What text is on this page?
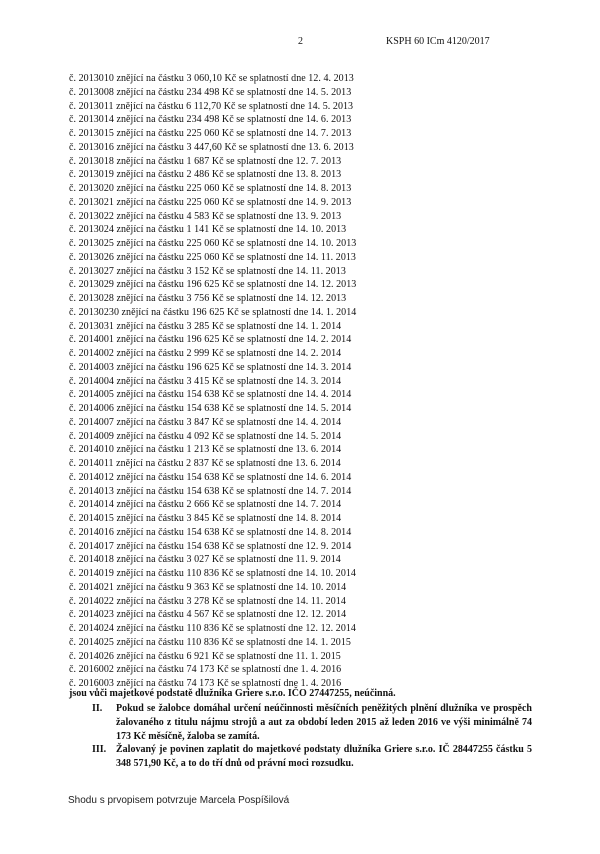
2	KSPH 60 ICm 4120/2017
č. 2013010 znějící na částku 3 060,10 Kč se splatností dne 12. 4. 2013
č. 2013008 znějící na částku 234 498 Kč se splatností dne 14. 5. 2013
č. 2013011 znějící na částku 6 112,70 Kč se splatností dne 14. 5. 2013
č. 2013014 znějící na částku 234 498 Kč se splatností dne 14. 6. 2013
č. 2013015 znějící na částku 225 060 Kč se splatností dne 14. 7. 2013
č. 2013016 znějící na částku 3 447,60 Kč se splatností dne 13. 6. 2013
č. 2013018 znějící na částku 1 687 Kč se splatností dne 12. 7. 2013
č. 2013019 znějící na částku 2 486 Kč se splatností dne 13. 8. 2013
č. 2013020 znějící na částku 225 060 Kč se splatností dne 14. 8. 2013
č. 2013021 znějící na částku 225 060 Kč se splatností dne 14. 9. 2013
č. 2013022 znějící na částku 4 583 Kč se splatností dne 13. 9. 2013
č. 2013024 znějící na částku 1 141 Kč se splatností dne 14. 10. 2013
č. 2013025 znějící na částku 225 060 Kč se splatností dne 14. 10. 2013
č. 2013026 znějící na částku 225 060 Kč se splatností dne 14. 11. 2013
č. 2013027 znějící na částku 3 152 Kč se splatností dne 14. 11. 2013
č. 2013029 znějící na částku 196 625 Kč se splatností dne 14. 12. 2013
č. 2013028 znějící na částku 3 756 Kč se splatností dne 14. 12. 2013
č. 20130230 znějící na částku 196 625 Kč se splatností dne 14. 1. 2014
č. 2013031 znějící na částku 3 285 Kč se splatností dne 14. 1. 2014
č. 2014001 znějící na částku 196 625 Kč se splatností dne 14. 2. 2014
č. 2014002 znějící na částku 2 999 Kč se splatností dne 14. 2. 2014
č. 2014003 znějící na částku 196 625 Kč se splatností dne 14. 3. 2014
č. 2014004 znějící na částku 3 415 Kč se splatností dne 14. 3. 2014
č. 2014005 znějící na částku 154 638 Kč se splatností dne 14. 4. 2014
č. 2014006 znějící na částku 154 638 Kč se splatností dne 14. 5. 2014
č. 2014007 znějící na částku 3 847 Kč se splatností dne 14. 4. 2014
č. 2014009 znějící na částku 4 092 Kč se splatností dne 14. 5. 2014
č. 2014010 znějící na částku 1 213 Kč se splatností dne 13. 6. 2014
č. 2014011 znějící na částku 2 837 Kč se splatností dne 13. 6. 2014
č. 2014012 znějící na částku 154 638 Kč se splatností dne 14. 6. 2014
č. 2014013 znějící na částku 154 638 Kč se splatností dne 14. 7. 2014
č. 2014014 znějící na částku 2 666 Kč se splatností dne 14. 7. 2014
č. 2014015 znějící na částku 3 845 Kč se splatností dne 14. 8. 2014
č. 2014016 znějící na částku 154 638 Kč se splatností dne 14. 8. 2014
č. 2014017 znějící na částku 154 638 Kč se splatností dne 12. 9. 2014
č. 2014018 znějící na částku 3 027 Kč se splatností dne 11. 9. 2014
č. 2014019 znějící na částku 110 836 Kč se splatností dne 14. 10. 2014
č. 2014021 znějící na částku 9 363 Kč se splatností dne 14. 10. 2014
č. 2014022 znějící na částku 3 278 Kč se splatností dne 14. 11. 2014
č. 2014023 znějící na částku 4 567 Kč se splatností dne 12. 12. 2014
č. 2014024 znějící na částku 110 836 Kč se splatností dne 12. 12. 2014
č. 2014025 znějící na částku 110 836 Kč se splatností dne 14. 1. 2015
č. 2014026 znějící na částku 6 921 Kč se splatností dne 11. 1. 2015
č. 2016002 znějící na částku 74 173 Kč se splatností dne 1. 4. 2016
č. 2016003 znějící na částku 74 173 Kč se splatností dne 1. 4. 2016
jsou vůči majetkové podstatě dlužníka Griere s.r.o. IČO 27447255, neúčinná.
II.	Pokud se žalobce domáhal určení neúčinnosti měsíčních peněžitých plnění dlužníka ve prospěch žalovaného z titulu nájmu strojů a aut za období leden 2015 až leden 2016 ve výši minimálně 74 173 Kč měsíčně, žaloba se zamítá.
III. Žalovaný je povinen zaplatit do majetkové podstaty dlužníka Griere s.r.o. IČ 28447255 částku 5 348 571,90 Kč, a to do tří dnů od právní moci rozsudku.
Shodu s prvopisem potvrzuje Marcela Pospíšilová
